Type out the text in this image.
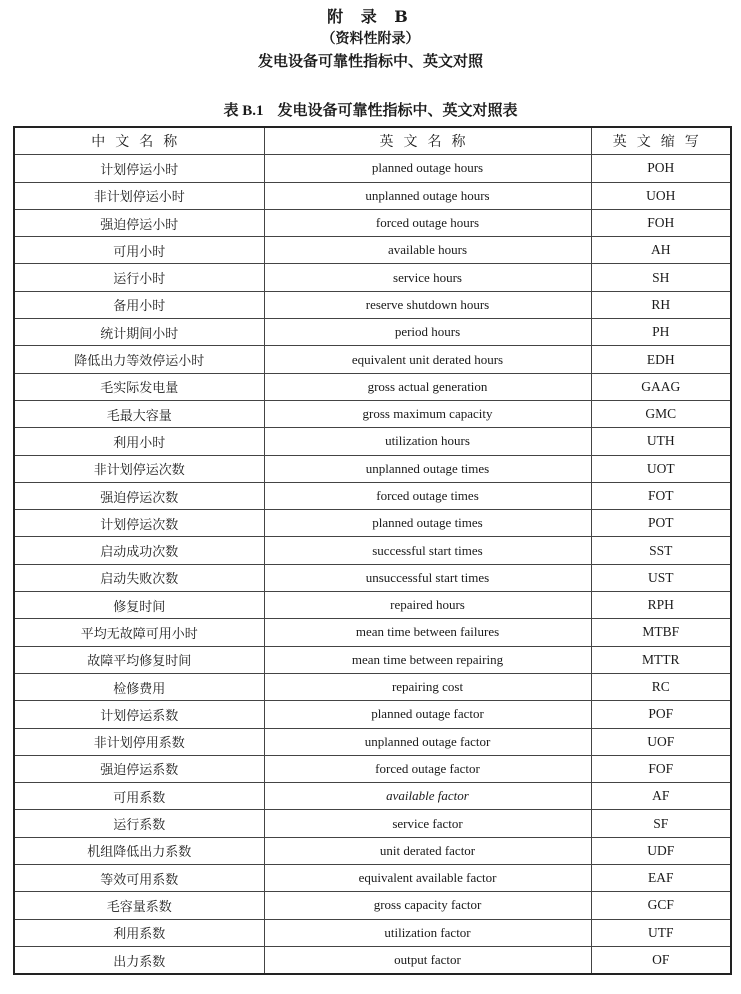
附 录 B
（资料性附录）
发电设备可靠性指标中、英文对照
表 B.1 发电设备可靠性指标中、英文对照表
中文名称	英文名称	英文缩写
计划停运小时	planned outage hours	POH
非计划停运小时	unplanned outage hours	UOH
强迫停运小时	forced outage hours	FOH
可用小时	available hours	AH
运行小时	service hours	SH
备用小时	reserve shutdown hours	RH
统计期间小时	period hours	PH
降低出力等效停运小时	equivalent unit derated hours	EDH
毛实际发电量	gross actual generation	GAAG
毛最大容量	gross maximum capacity	GMC
利用小时	utilization hours	UTH
非计划停运次数	unplanned outage times	UOT
强迫停运次数	forced outage times	FOT
计划停运次数	planned outage times	POT
启动成功次数	successful start times	SST
启动失败次数	unsuccessful start times	UST
修复时间	repaired hours	RPH
平均无故障可用小时	mean time between failures	MTBF
故障平均修复时间	mean time between repairing	MTTR
检修费用	repairing cost	RC
计划停运系数	planned outage factor	POF
非计划停用系数	unplanned outage factor	UOF
强迫停运系数	forced outage factor	FOF
可用系数	available factor	AF
运行系数	service factor	SF
机组降低出力系数	unit derated factor	UDF
等效可用系数	equivalent available factor	EAF
毛容量系数	gross capacity factor	GCF
利用系数	utilization factor	UTF
出力系数	output factor	OF
